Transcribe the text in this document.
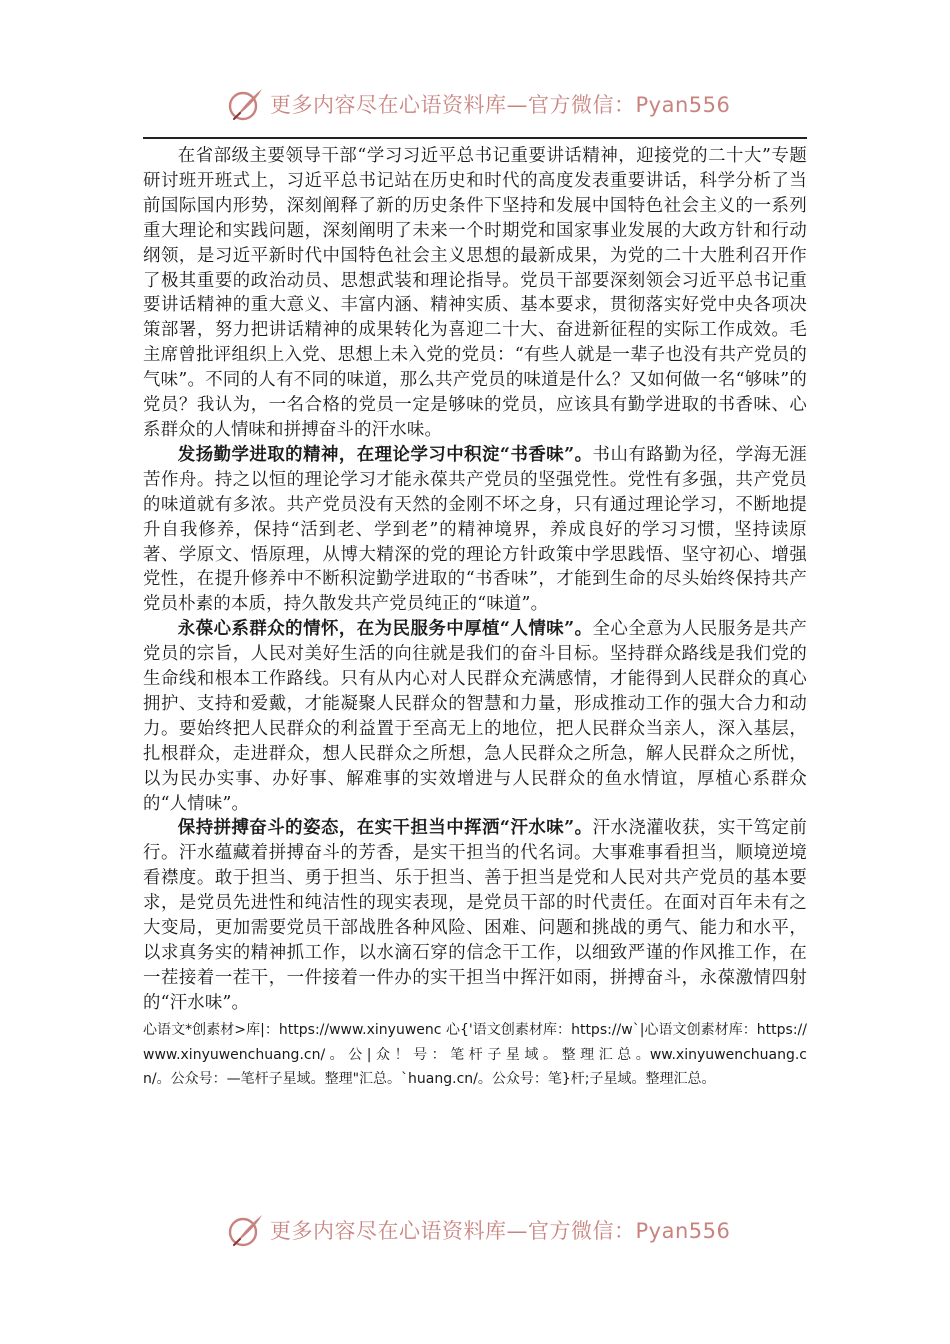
更多内容尽在心语资料库—官方微信：Pyan556

在省部级主要领导干部“学习习近平总书记重要讲话精神，迎接党的二十大”专题研讨班开班式上，习近平总书记站在历史和时代的高度发表重要讲话，科学分析了当前国际国内形势，深刻阐释了新的历史条件下坚持和发展中国特色社会主义的一系列重大理论和实践问题，深刻阐明了未来一个时期党和国家事业发展的大政方针和行动纲领，是习近平新时代中国特色社会主义思想的最新成果，为党的二十大胜利召开作了极其重要的政治动员、思想武装和理论指导。党员干部要深刻领会习近平总书记重要讲话精神的重大意义、丰富内涵、精神实质、基本要求，贯彻落实好党中央各项决策部署，努力把讲话精神的成果转化为喜迎二十大、奋进新征程的实际工作成效。毛主席曾批评组织上入党、思想上未入党的党员：“有些人就是一辈子也没有共产党员的气味”。不同的人有不同的味道，那么共产党员的味道是什么？又如何做一名“够味”的党员？我认为，一名合格的党员一定是够味的党员，应该具有勤学进取的书香味、心系群众的人情味和拼搏奋斗的汗水味。

发扬勤学进取的精神，在理论学习中积淀“书香味”。书山有路勤为径，学海无涯苦作舟。持之以恒的理论学习才能永葆共产党员的坚强党性。党性有多强，共产党员的味道就有多浓。共产党员没有天然的金刚不坏之身，只有通过理论学习，不断地提升自我修养，保持“活到老、学到老”的精神境界，养成良好的学习习惯，坚持读原著、学原文、悟原理，从博大精深的党的理论方针政策中学思践悟、坚守初心、增强党性，在提升修养中不断积淀勤学进取的“书香味”，才能到生命的尽头始终保持共产党员朴素的本质，持久散发共产党员纯正的“味道”。

永葆心系群众的情怀，在为民服务中厚植“人情味”。全心全意为人民服务是共产党员的宗旨，人民对美好生活的向往就是我们的奋斗目标。坚持群众路线是我们党的生命线和根本工作路线。只有从内心对人民群众充满感情，才能得到人民群众的真心拥护、支持和爱戴，才能凝聚人民群众的智慧和力量，形成推动工作的强大合力和动力。要始终把人民群众的利益置于至高无上的地位，把人民群众当亲人，深入基层，扎根群众，走进群众，想人民群众之所想，急人民群众之所急，解人民群众之所忧，以为民办实事、办好事、解难事的实效增进与人民群众的鱼水情谊，厚植心系群众的“人情味”。

保持拼搏奋斗的姿态，在实干担当中挥洒“汗水味”。汗水浇灌收获，实干笃定前行。汗水蕴藏着拼搏奋斗的芳香，是实干担当的代名词。大事难事看担当，顺境逆境看襟度。敢于担当、勇于担当、乐于担当、善于担当是党和人民对共产党员的基本要求，是党员先进性和纯洁性的现实表现，是党员干部的时代责任。在面对百年未有之大变局，更加需要党员干部战胜各种风险、困难、问题和挑战的勇气、能力和水平，以求真务实的精神抓工作，以水滴石穿的信念干工作，以细致严谨的作风推工作，在一茬接着一茬干，一件接着一件办的实干担当中挥汗如雨，拼搏奋斗，永葆激情四射的“汗水味”。

心语文*创素材>库|：https://www.xinyuwenc 心{'语文创素材库：https://w`|心语文创素材库：https://www.xinyuwenchuang.cn/ 。 公 | 众 ！ 号 ： 笔 杆 子 星 域 。 整 理 汇 总 。ww.xinyuwenchuang.cn/。公众号：—笔杆子星域。整理"汇总。`huang.cn/。公众号：笔}杆;子星域。整理汇总。

更多内容尽在心语资料库—官方微信：Pyan556
